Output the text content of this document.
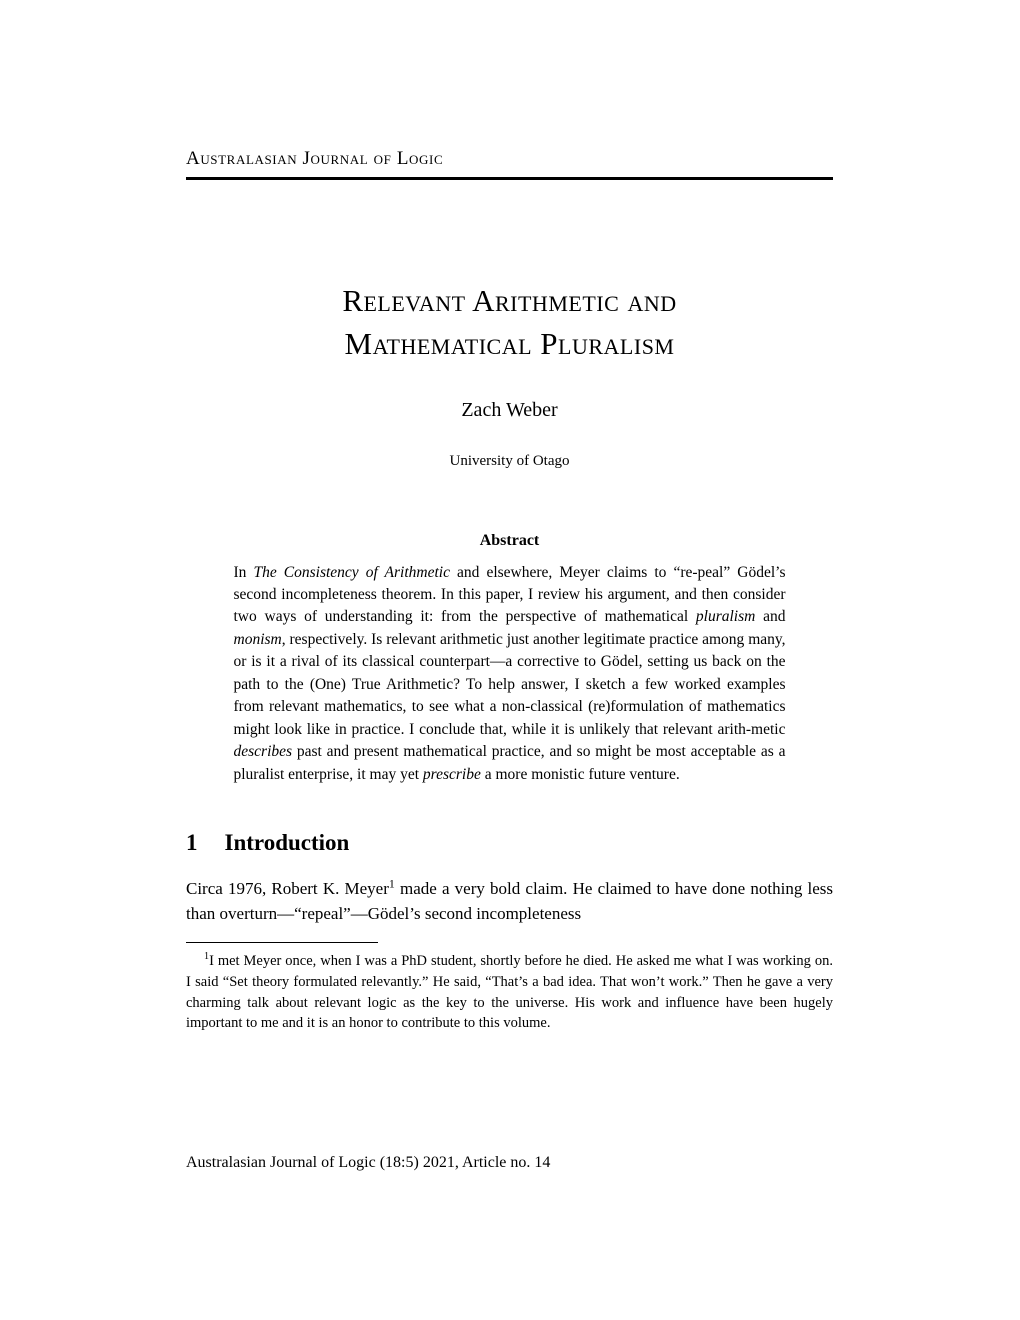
Australasian Journal of Logic
Relevant Arithmetic and
Mathematical Pluralism
Zach Weber
University of Otago
Abstract
In The Consistency of Arithmetic and elsewhere, Meyer claims to “re-peal” Gödel’s second incompleteness theorem. In this paper, I review his argument, and then consider two ways of understanding it: from the perspective of mathematical pluralism and monism, respectively. Is relevant arithmetic just another legitimate practice among many, or is it a rival of its classical counterpart—a corrective to Gödel, setting us back on the path to the (One) True Arithmetic? To help answer, I sketch a few worked examples from relevant mathematics, to see what a non-classical (re)formulation of mathematics might look like in practice. I conclude that, while it is unlikely that relevant arith-metic describes past and present mathematical practice, and so might be most acceptable as a pluralist enterprise, it may yet prescribe a more monistic future venture.
1 Introduction
Circa 1976, Robert K. Meyer$^1$ made a very bold claim. He claimed to have done nothing less than overturn—“repeal”—Gödel’s second incompleteness
$^1$I met Meyer once, when I was a PhD student, shortly before he died. He asked me what I was working on. I said “Set theory formulated relevantly.” He said, “That’s a bad idea. That won’t work.” Then he gave a very charming talk about relevant logic as the key to the universe. His work and influence have been hugely important to me and it is an honor to contribute to this volume.
Australasian Journal of Logic (18:5) 2021, Article no. 14
